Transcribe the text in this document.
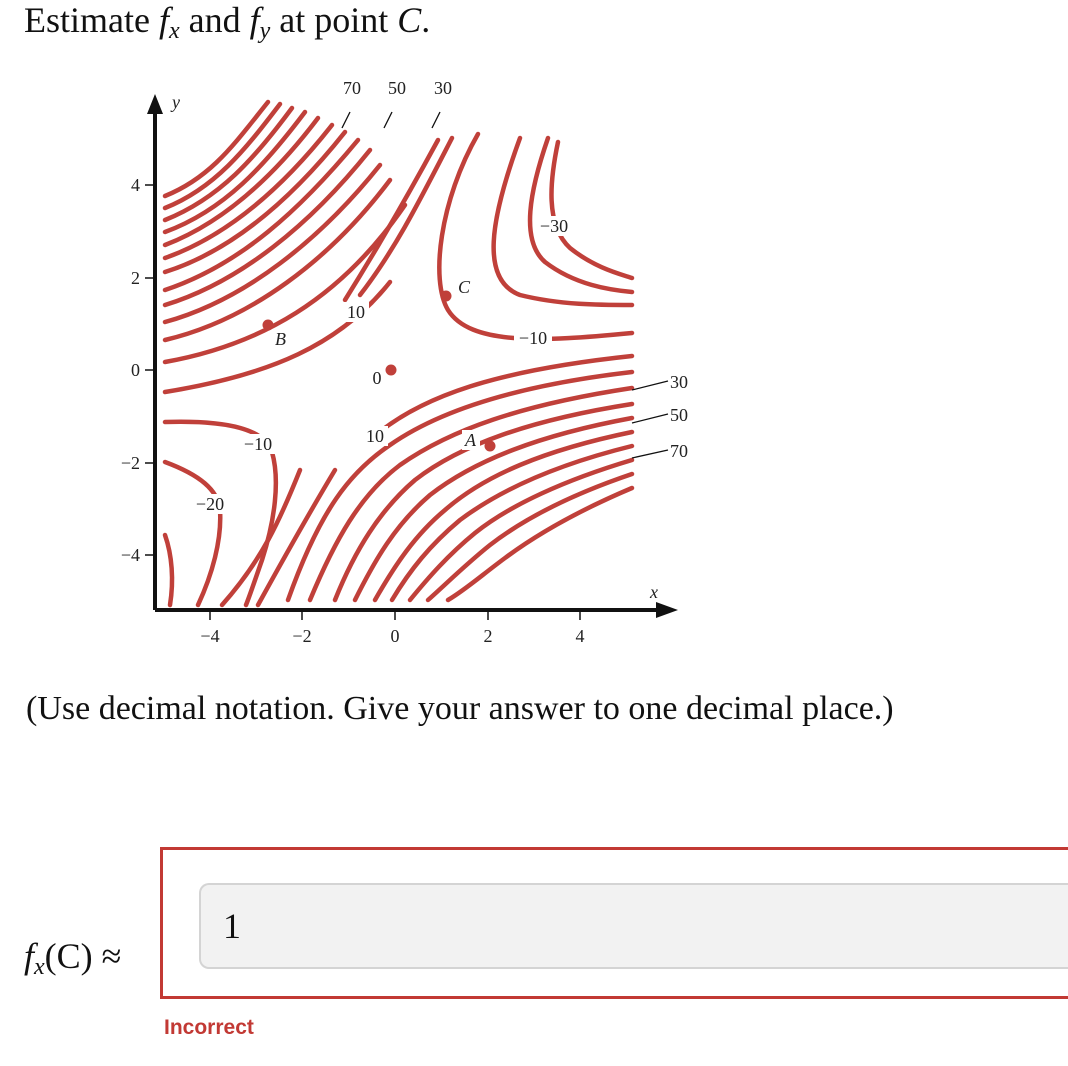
Estimate $f_x$ and $f_y$ at point C.
4
2
0
−2
−4
−4	−2	0	2	4
y
x
70 50 30
30
50
70
−30
−10
10
0
10
−10
−20
B
C
A
(Use decimal notation. Give your answer to one decimal place.)
$f_x(C)$ ≈
1
Incorrect
